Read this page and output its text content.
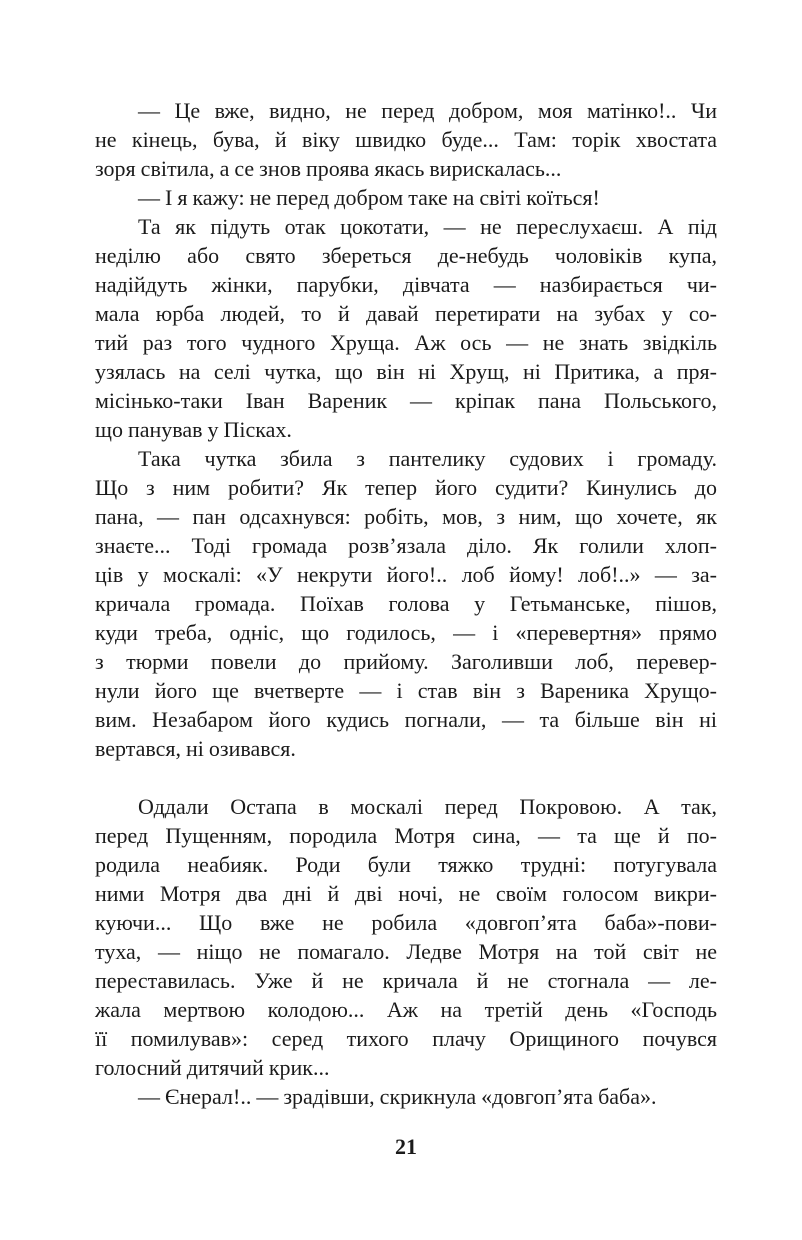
— Це вже, видно, не перед добром, моя матінко!.. Чи
не кінець, бува, й віку швидко буде... Там: торік хвостата
зоря світила, а се знов проява якась вирискалась...

— І я кажу: не перед добром таке на світі коїться!

Та як підуть отак цокотати, — не переслухаєш. А під
неділю або свято збереться де-небудь чоловіків купа,
надійдуть жінки, парубки, дівчата — назбирається чи-
мала юрба людей, то й давай перетирати на зубах у со-
тий раз того чудного Хруща. Аж ось — не знать звідкіль
узялась на селі чутка, що він ні Хрущ, ні Притика, а пря-
місінько-таки Іван Вареник — кріпак пана Польського,
що панував у Пісках.

Така чутка збила з пантелику судових і громаду.
Що з ним робити? Як тепер його судити? Кинулись до
пана, — пан одсахнувся: робіть, мов, з ним, що хочете, як
знаєте... Тоді громада розв’язала діло. Як голили хлоп-
ців у москалі: «У некрути його!.. лоб йому! лоб!..» — за-
кричала громада. Поїхав голова у Гетьманське, пішов,
куди треба, одніс, що годилось, — і «перевертня» прямо
з тюрми повели до прийому. Заголивши лоб, перевер-
нули його ще вчетверте — і став він з Вареника Хрущо-
вим. Незабаром його кудись погнали, — та більше він ні
вертався, ні озивався.

Оддали Остапа в москалі перед Покровою. А так,
перед Пущенням, породила Мотря сина, — та ще й по-
родила неабияк. Роди були тяжко трудні: потугувала
ними Мотря два дні й дві ночі, не своїм голосом викри-
куючи... Що вже не робила «довгоп’ята баба»-пови-
туха, — ніщо не помагало. Ледве Мотря на той світ не
переставилась. Уже й не кричала й не стогнала — ле-
жала мертвою колодою... Аж на третій день «Господь
її помилував»: серед тихого плачу Орищиного почувся
голосний дитячий крик...

— Єнерал!.. — зрадівши, скрикнула «довгоп’ята баба».

21
